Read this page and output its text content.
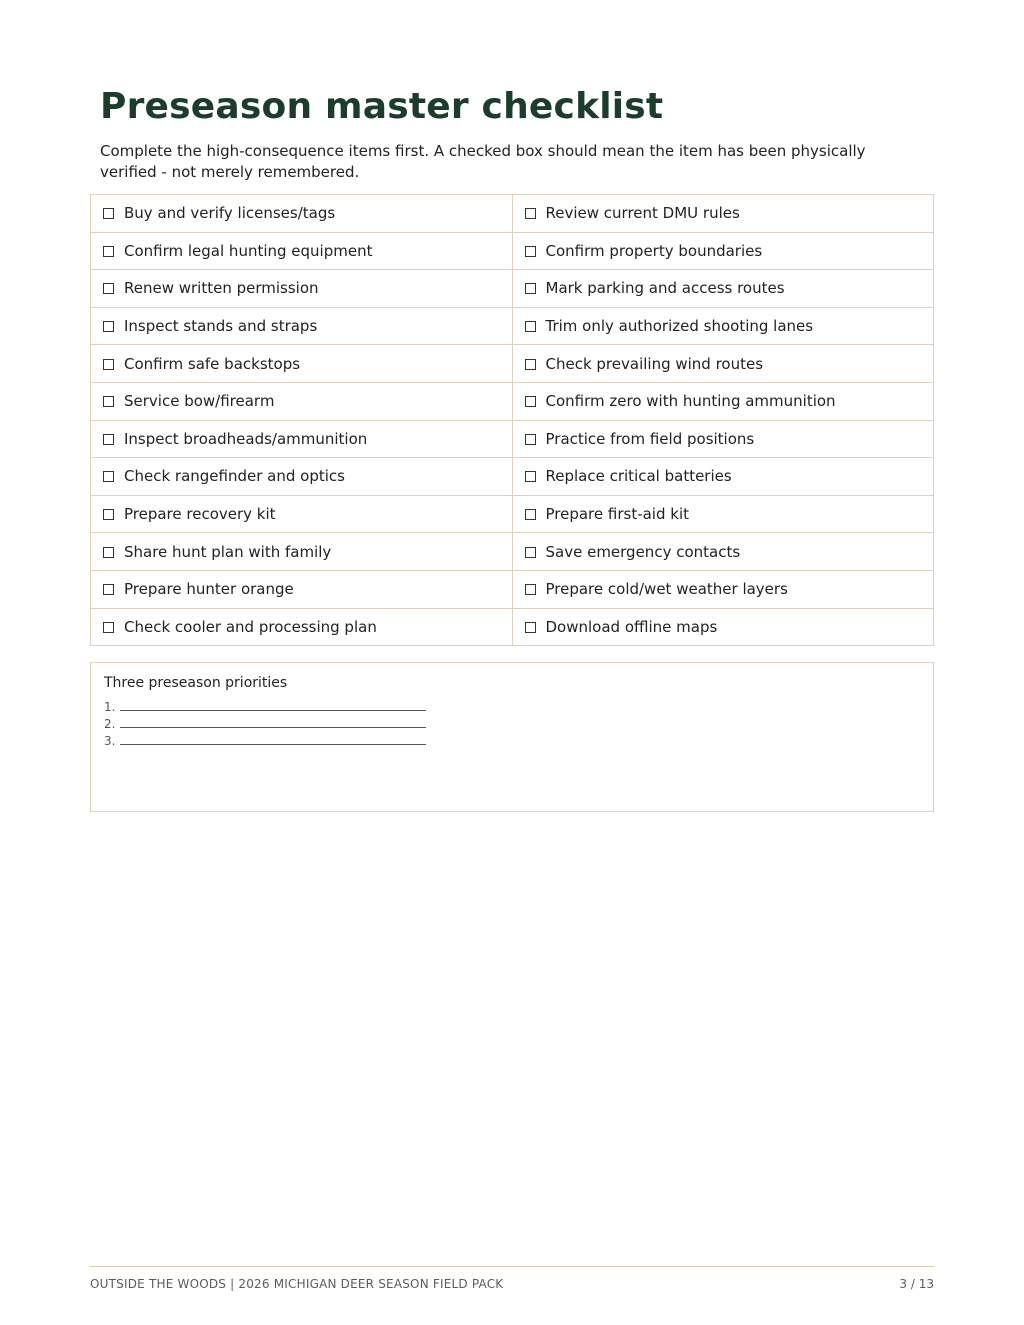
Preseason master checklist

Complete the high-consequence items first. A checked box should mean the item has been physically verified - not merely remembered.

Buy and verify licenses/tags	Review current DMU rules
Confirm legal hunting equipment	Confirm property boundaries
Renew written permission	Mark parking and access routes
Inspect stands and straps	Trim only authorized shooting lanes
Confirm safe backstops	Check prevailing wind routes
Service bow/firearm	Confirm zero with hunting ammunition
Inspect broadheads/ammunition	Practice from field positions
Check rangefinder and optics	Replace critical batteries
Prepare recovery kit	Prepare first-aid kit
Share hunt plan with family	Save emergency contacts
Prepare hunter orange	Prepare cold/wet weather layers
Check cooler and processing plan	Download offline maps
Three preseason priorities
1.
2.
3.
OUTSIDE THE WOODS | 2026 MICHIGAN DEER SEASON FIELD PACK	3 / 13
